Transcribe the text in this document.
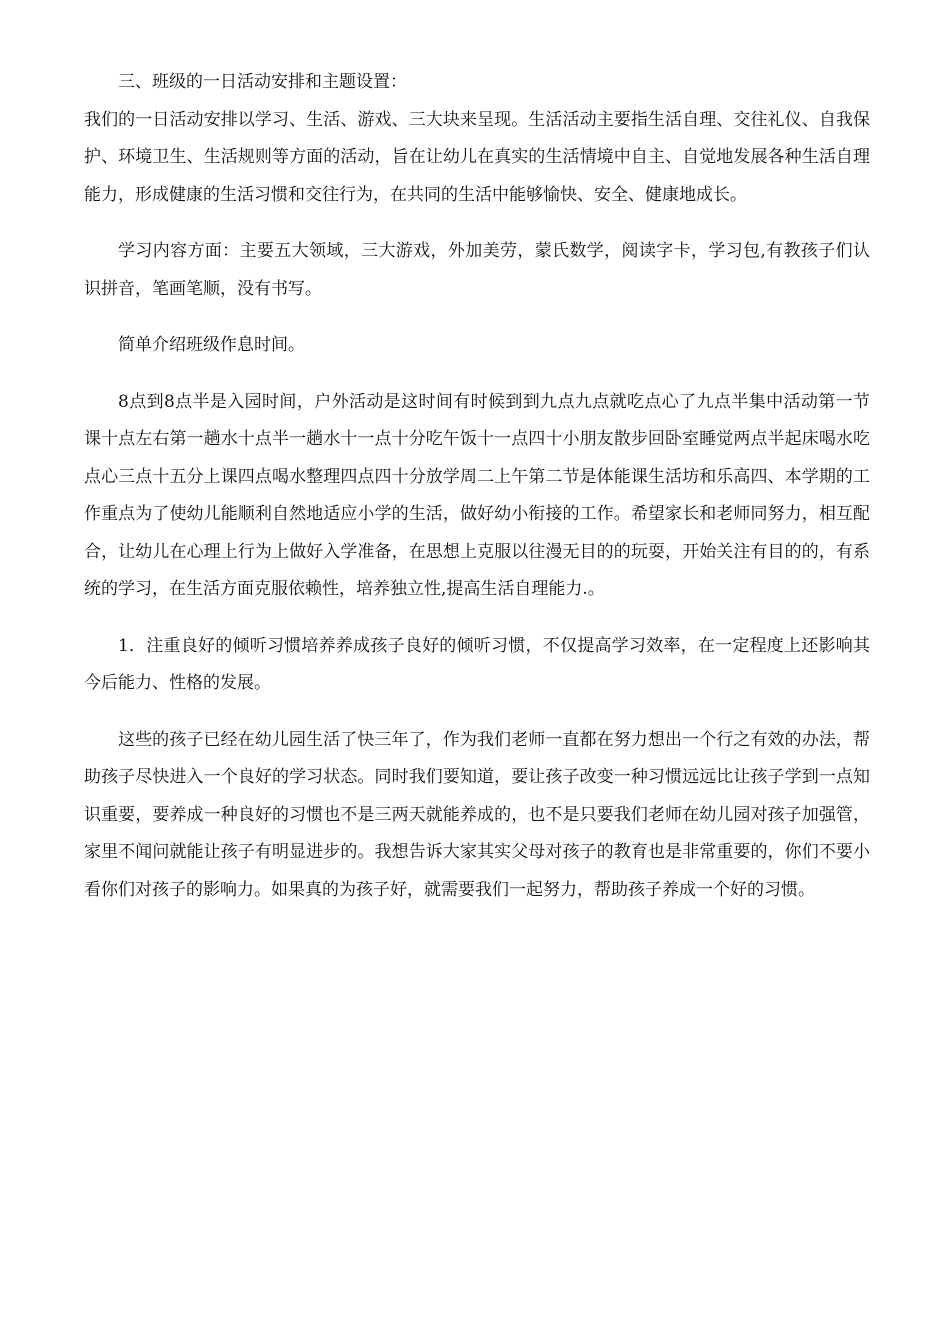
三、班级的一日活动安排和主题设置：

我们的一日活动安排以学习、生活、游戏、三大块来呈现。生活活动主要指生活自理、交往礼仪、自我保护、环境卫生、生活规则等方面的活动，旨在让幼儿在真实的生活情境中自主、自觉地发展各种生活自理能力，形成健康的生活习惯和交往行为，在共同的生活中能够愉快、安全、健康地成长。

学习内容方面：主要五大领域，三大游戏，外加美劳，蒙氏数学，阅读字卡，学习包,有教孩子们认识拼音，笔画笔顺，没有书写。

简单介绍班级作息时间。

8点到8点半是入园时间，户外活动是这时间有时候到到九点九点就吃点心了九点半集中活动第一节课十点左右第一趟水十点半一趟水十一点十分吃午饭十一点四十小朋友散步回卧室睡觉两点半起床喝水吃点心三点十五分上课四点喝水整理四点四十分放学周二上午第二节是体能课生活坊和乐高四、本学期的工作重点为了使幼儿能顺利自然地适应小学的生活，做好幼小衔接的工作。希望家长和老师同努力，相互配合，让幼儿在心理上行为上做好入学准备，在思想上克服以往漫无目的的玩耍，开始关注有目的的，有系统的学习，在生活方面克服依赖性，培养独立性,提高生活自理能力.。

1．注重良好的倾听习惯培养养成孩子良好的倾听习惯，不仅提高学习效率，在一定程度上还影响其今后能力、性格的发展。

这些的孩子已经在幼儿园生活了快三年了，作为我们老师一直都在努力想出一个行之有效的办法，帮助孩子尽快进入一个良好的学习状态。同时我们要知道，要让孩子改变一种习惯远远比让孩子学到一点知识重要，要养成一种良好的习惯也不是三两天就能养成的，也不是只要我们老师在幼儿园对孩子加强管，家里不闻问就能让孩子有明显进步的。我想告诉大家其实父母对孩子的教育也是非常重要的，你们不要小看你们对孩子的影响力。如果真的为孩子好，就需要我们一起努力，帮助孩子养成一个好的习惯。
